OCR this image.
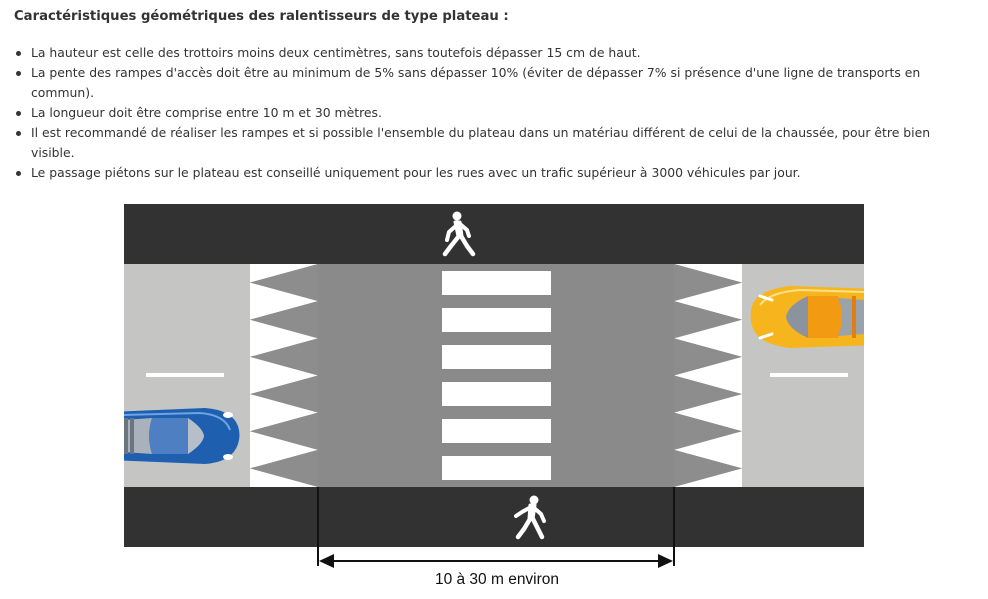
Caractéristiques géométriques des ralentisseurs de type plateau :
La hauteur est celle des trottoirs moins deux centimètres, sans toutefois dépasser 15 cm de haut.
La pente des rampes d'accès doit être au minimum de 5% sans dépasser 10% (éviter de dépasser 7% si présence d'une ligne de transports en commun).
La longueur doit être comprise entre 10 m et 30 mètres.
Il est recommandé de réaliser les rampes et si possible l'ensemble du plateau dans un matériau différent de celui de la chaussée, pour être bien visible.
Le passage piétons sur le plateau est conseillé uniquement pour les rues avec un trafic supérieur à 3000 véhicules par jour.
10 à 30 m environ
